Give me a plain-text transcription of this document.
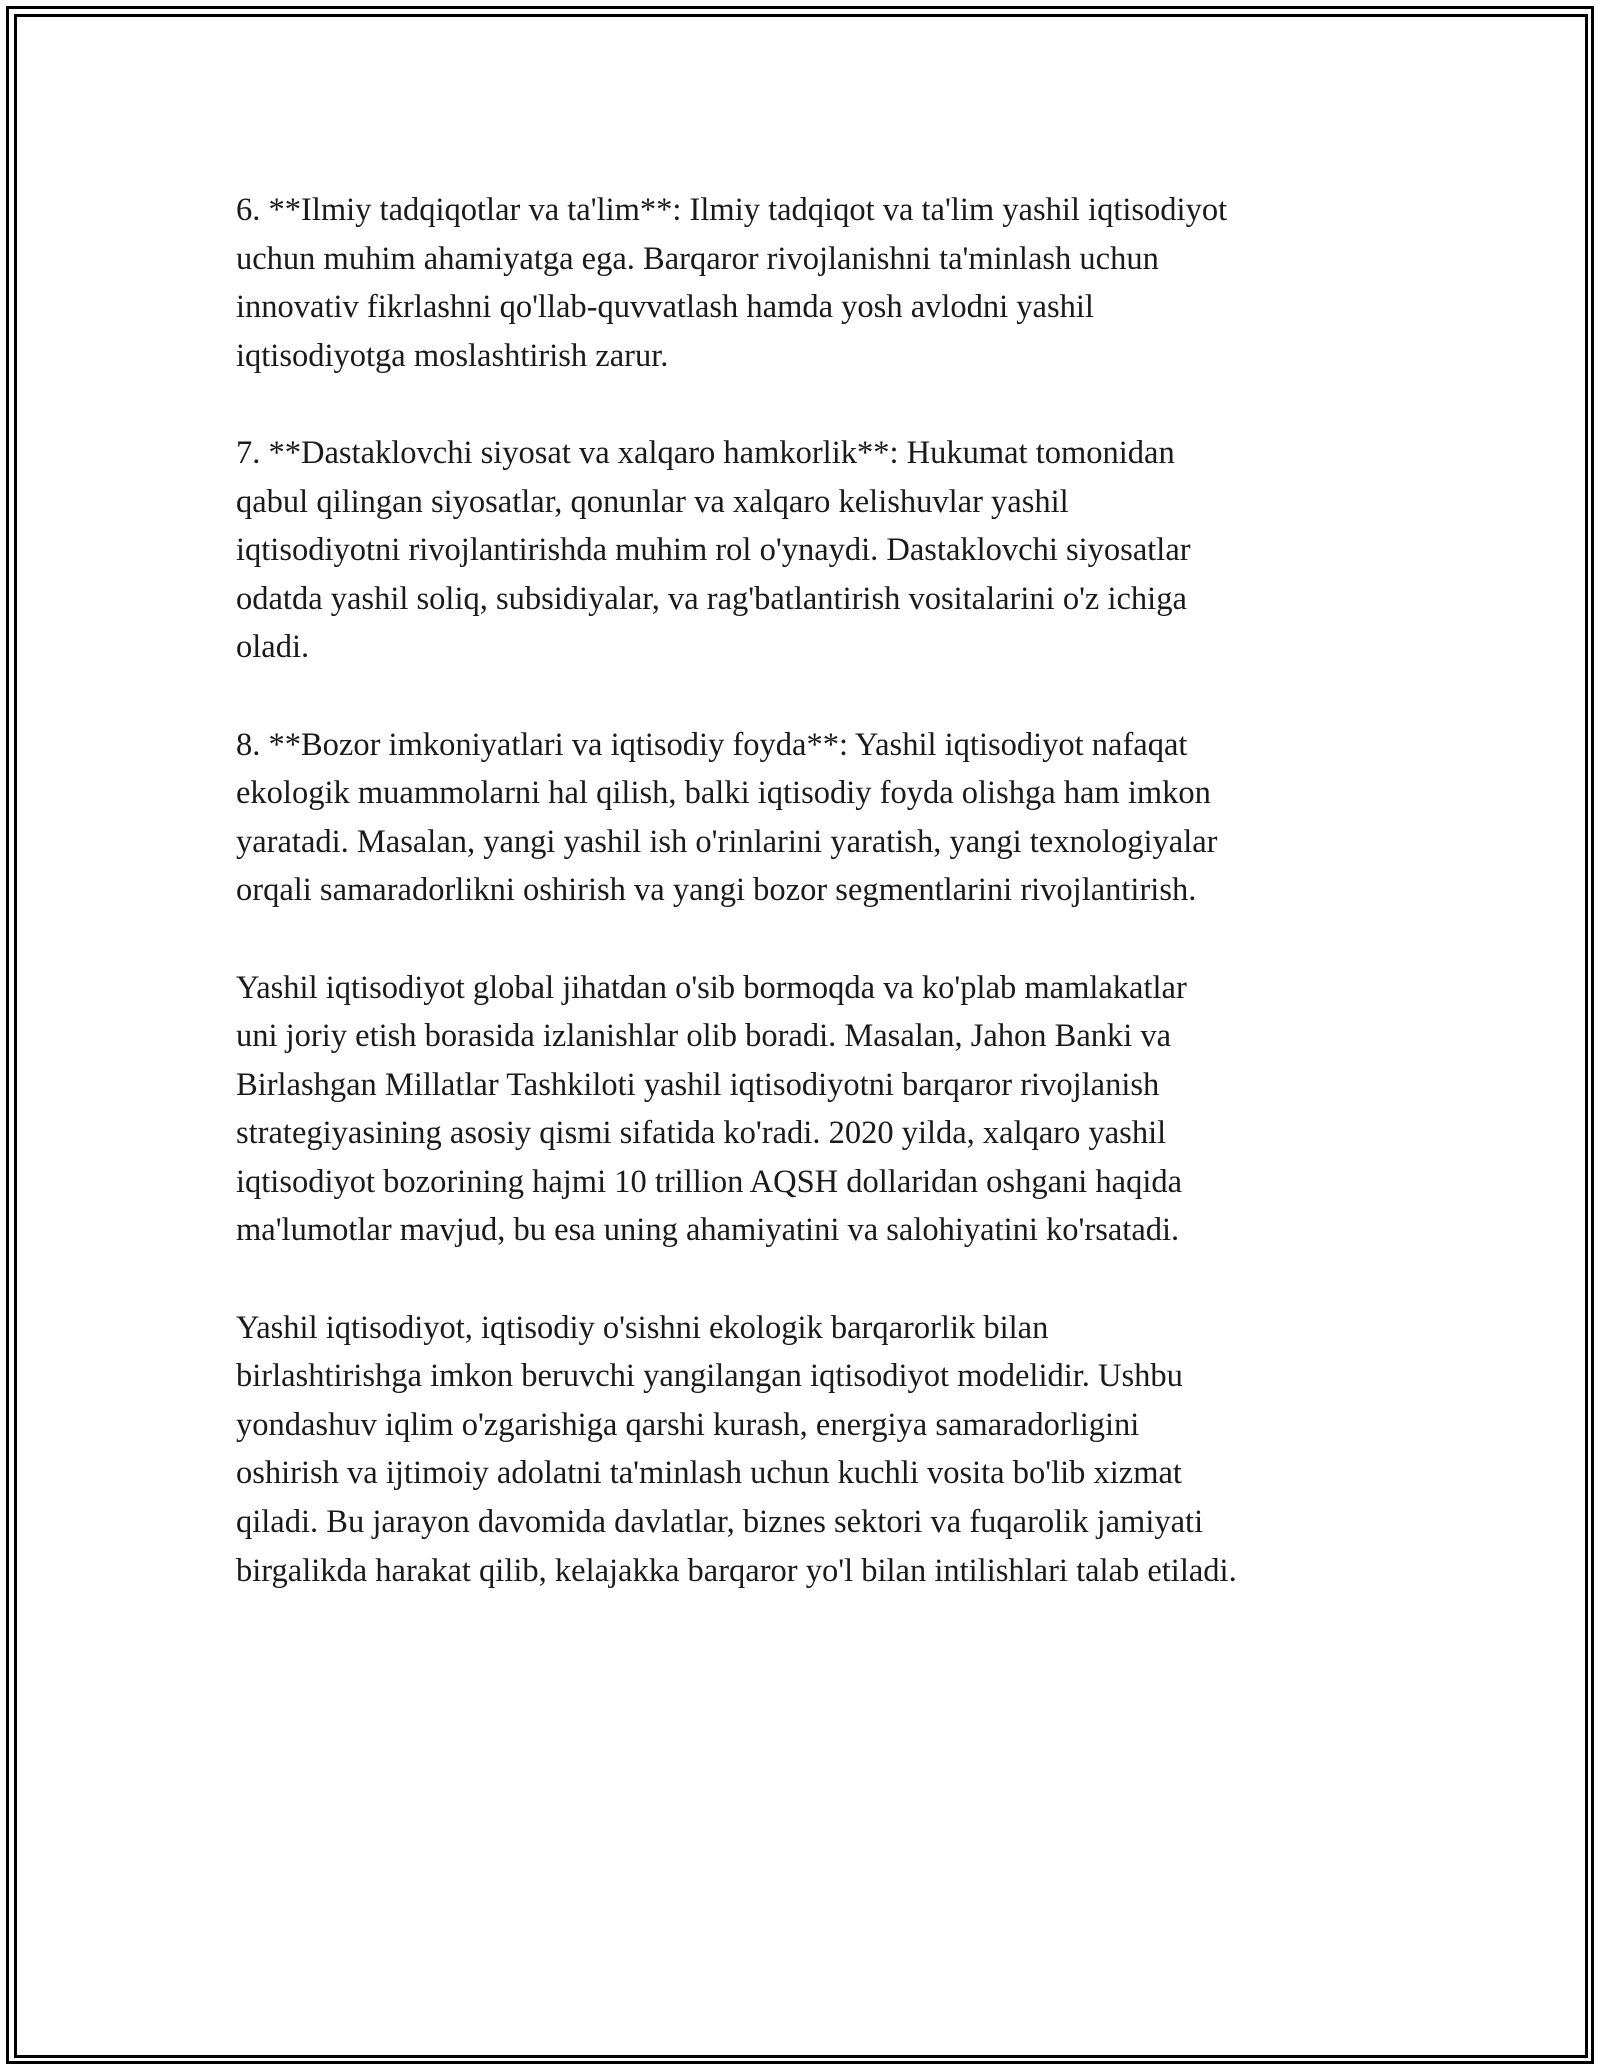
6. **Ilmiy tadqiqotlar va ta'lim**: Ilmiy tadqiqot va ta'lim yashil iqtisodiyot
uchun muhim ahamiyatga ega. Barqaror rivojlanishni ta'minlash uchun
innovativ fikrlashni qo'llab-quvvatlash hamda yosh avlodni yashil
iqtisodiyotga moslashtirish zarur.

7. **Dastaklovchi siyosat va xalqaro hamkorlik**: Hukumat tomonidan
qabul qilingan siyosatlar, qonunlar va xalqaro kelishuvlar yashil
iqtisodiyotni rivojlantirishda muhim rol o'ynaydi. Dastaklovchi siyosatlar
odatda yashil soliq, subsidiyalar, va rag'batlantirish vositalarini o'z ichiga
oladi.

8. **Bozor imkoniyatlari va iqtisodiy foyda**: Yashil iqtisodiyot nafaqat
ekologik muammolarni hal qilish, balki iqtisodiy foyda olishga ham imkon
yaratadi. Masalan, yangi yashil ish o'rinlarini yaratish, yangi texnologiyalar
orqali samaradorlikni oshirish va yangi bozor segmentlarini rivojlantirish.

Yashil iqtisodiyot global jihatdan o'sib bormoqda va ko'plab mamlakatlar
uni joriy etish borasida izlanishlar olib boradi. Masalan, Jahon Banki va
Birlashgan Millatlar Tashkiloti yashil iqtisodiyotni barqaror rivojlanish
strategiyasining asosiy qismi sifatida ko'radi. 2020 yilda, xalqaro yashil
iqtisodiyot bozorining hajmi 10 trillion AQSH dollaridan oshgani haqida
ma'lumotlar mavjud, bu esa uning ahamiyatini va salohiyatini ko'rsatadi.

Yashil iqtisodiyot, iqtisodiy o'sishni ekologik barqarorlik bilan
birlashtirishga imkon beruvchi yangilangan iqtisodiyot modelidir. Ushbu
yondashuv iqlim o'zgarishiga qarshi kurash, energiya samaradorligini
oshirish va ijtimoiy adolatni ta'minlash uchun kuchli vosita bo'lib xizmat
qiladi. Bu jarayon davomida davlatlar, biznes sektori va fuqarolik jamiyati
birgalikda harakat qilib, kelajakka barqaror yo'l bilan intilishlari talab etiladi.
